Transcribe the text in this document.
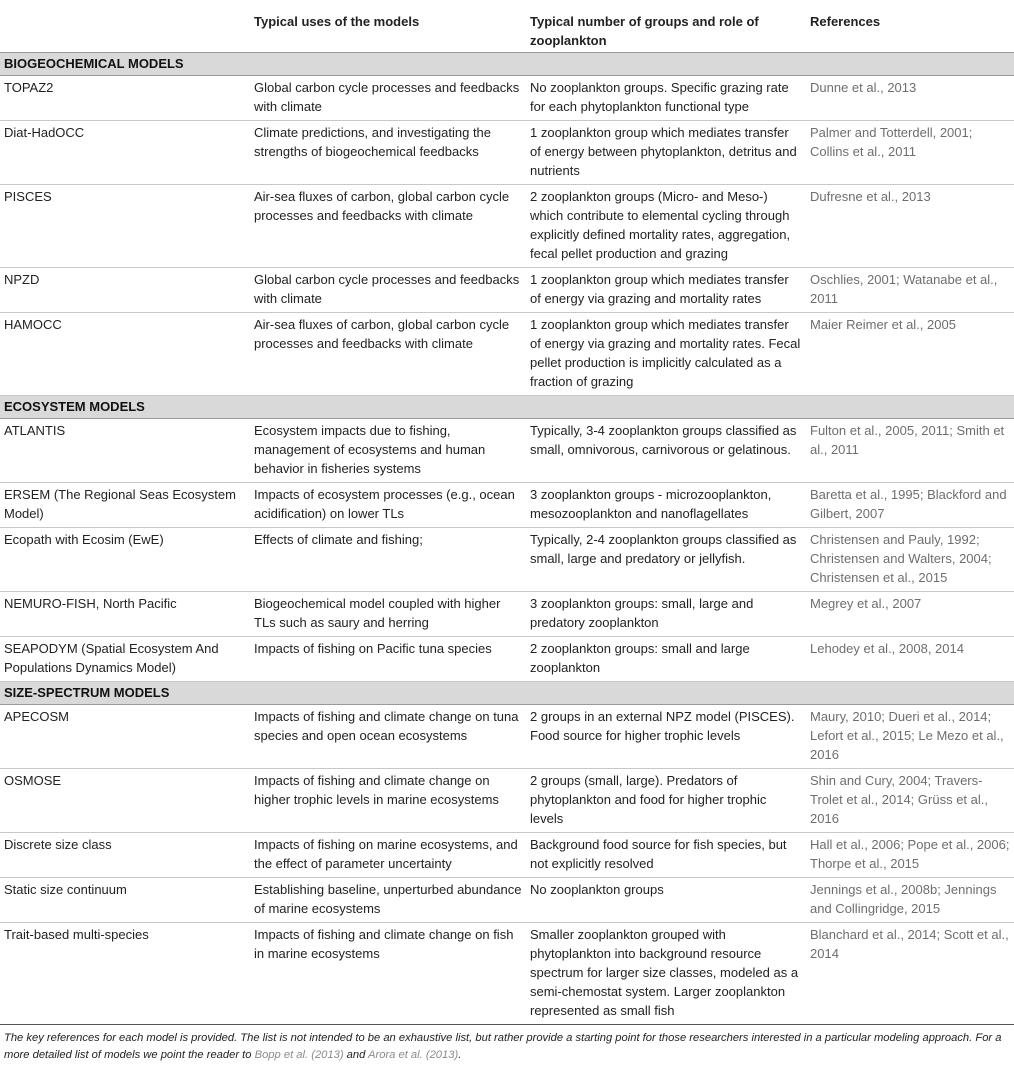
	Typical uses of the models	Typical number of groups and role of zooplankton	References
BIOGEOCHEMICAL MODELS			
TOPAZ2	Global carbon cycle processes and feedbacks with climate	No zooplankton groups. Specific grazing rate for each phytoplankton functional type	Dunne et al., 2013
Diat-HadOCC	Climate predictions, and investigating the strengths of biogeochemical feedbacks	1 zooplankton group which mediates transfer of energy between phytoplankton, detritus and nutrients	Palmer and Totterdell, 2001; Collins et al., 2011
PISCES	Air-sea fluxes of carbon, global carbon cycle processes and feedbacks with climate	2 zooplankton groups (Micro- and Meso-) which contribute to elemental cycling through explicitly defined mortality rates, aggregation, fecal pellet production and grazing	Dufresne et al., 2013
NPZD	Global carbon cycle processes and feedbacks with climate	1 zooplankton group which mediates transfer of energy via grazing and mortality rates	Oschlies, 2001; Watanabe et al., 2011
HAMOCC	Air-sea fluxes of carbon, global carbon cycle processes and feedbacks with climate	1 zooplankton group which mediates transfer of energy via grazing and mortality rates. Fecal pellet production is implicitly calculated as a fraction of grazing	Maier Reimer et al., 2005
ECOSYSTEM MODELS			
ATLANTIS	Ecosystem impacts due to fishing, management of ecosystems and human behavior in fisheries systems	Typically, 3-4 zooplankton groups classified as small, omnivorous, carnivorous or gelatinous.	Fulton et al., 2005, 2011; Smith et al., 2011
ERSEM (The Regional Seas Ecosystem Model)	Impacts of ecosystem processes (e.g., ocean acidification) on lower TLs	3 zooplankton groups - microzooplankton, mesozooplankton and nanoflagellates	Baretta et al., 1995; Blackford and Gilbert, 2007
Ecopath with Ecosim (EwE)	Effects of climate and fishing;	Typically, 2-4 zooplankton groups classified as small, large and predatory or jellyfish.	Christensen and Pauly, 1992; Christensen and Walters, 2004; Christensen et al., 2015
NEMURO-FISH, North Pacific	Biogeochemical model coupled with higher TLs such as saury and herring	3 zooplankton groups: small, large and predatory zooplankton	Megrey et al., 2007
SEAPODYM (Spatial Ecosystem And Populations Dynamics Model)	Impacts of fishing on Pacific tuna species	2 zooplankton groups: small and large zooplankton	Lehodey et al., 2008, 2014
SIZE-SPECTRUM MODELS			
APECOSM	Impacts of fishing and climate change on tuna species and open ocean ecosystems	2 groups in an external NPZ model (PISCES). Food source for higher trophic levels	Maury, 2010; Dueri et al., 2014; Lefort et al., 2015; Le Mezo et al., 2016
OSMOSE	Impacts of fishing and climate change on higher trophic levels in marine ecosystems	2 groups (small, large). Predators of phytoplankton and food for higher trophic levels	Shin and Cury, 2004; Travers-Trolet et al., 2014; Grüss et al., 2016
Discrete size class	Impacts of fishing on marine ecosystems, and the effect of parameter uncertainty	Background food source for fish species, but not explicitly resolved	Hall et al., 2006; Pope et al., 2006; Thorpe et al., 2015
Static size continuum	Establishing baseline, unperturbed abundance of marine ecosystems	No zooplankton groups	Jennings et al., 2008b; Jennings and Collingridge, 2015
Trait-based multi-species	Impacts of fishing and climate change on fish in marine ecosystems	Smaller zooplankton grouped with phytoplankton into background resource spectrum for larger size classes, modeled as a semi-chemostat system. Larger zooplankton represented as small fish	Blanchard et al., 2014; Scott et al., 2014
The key references for each model is provided. The list is not intended to be an exhaustive list, but rather provide a starting point for those researchers interested in a particular modeling approach. For a more detailed list of models we point the reader to Bopp et al. (2013) and Arora et al. (2013).
